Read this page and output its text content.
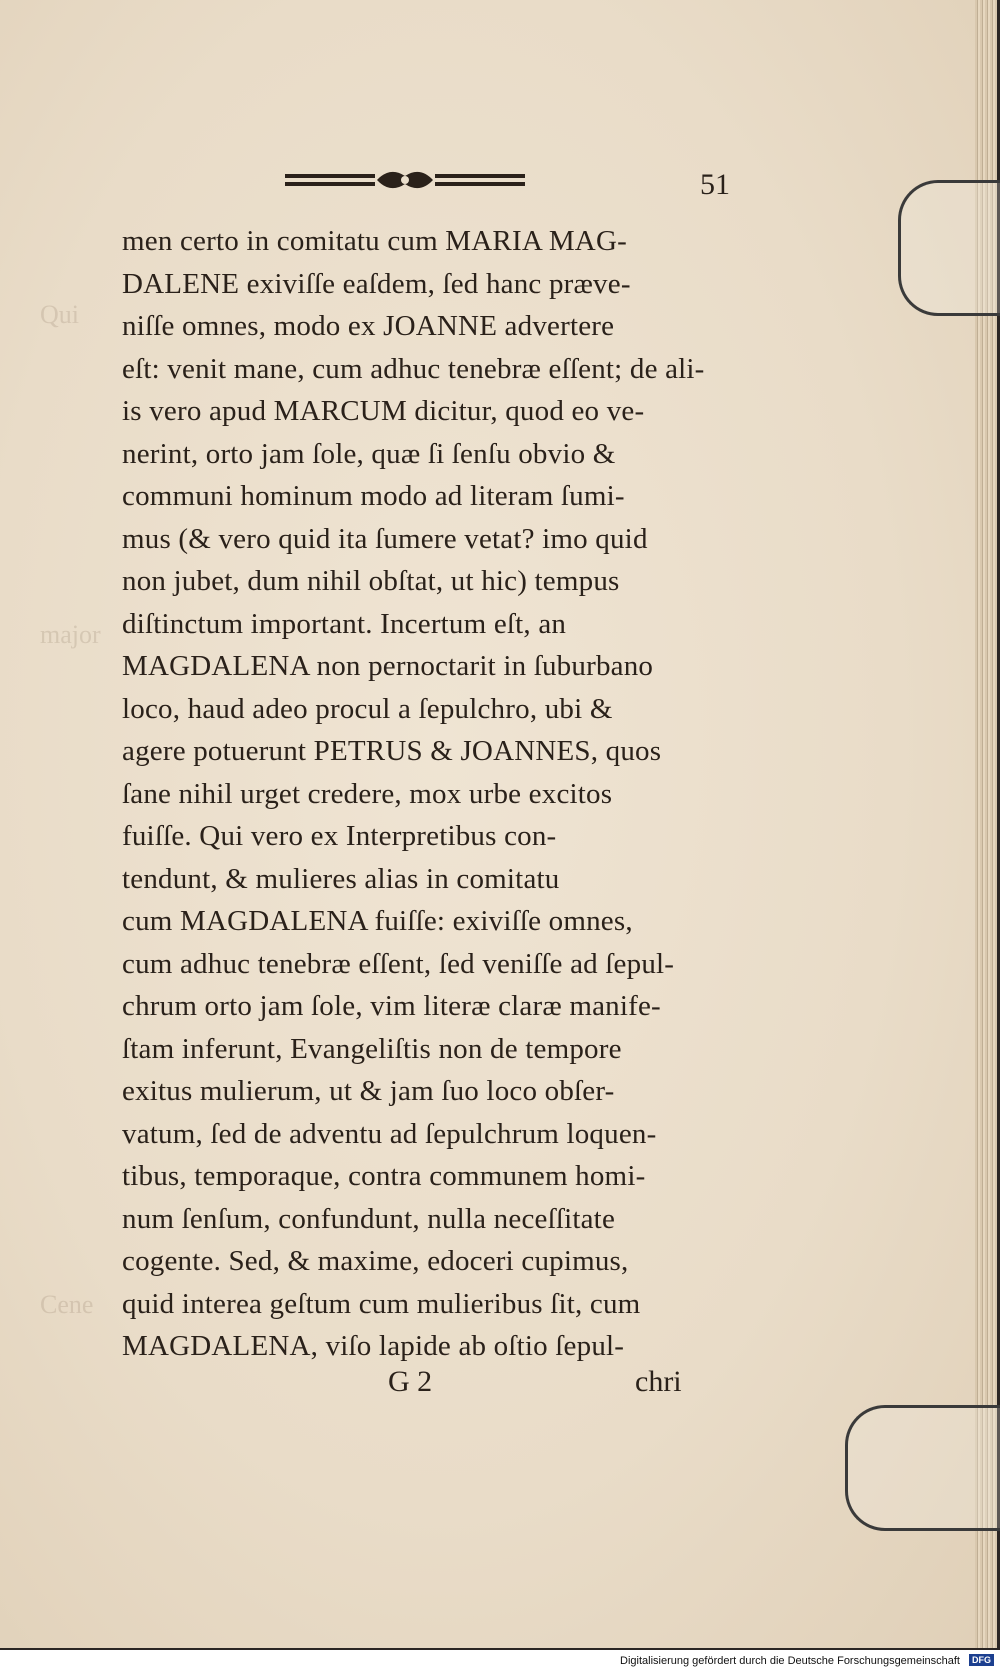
Qui
major
Cene
51
men certo in comitatu cum MARIA MAG-
DALENE exiviſſe eaſdem, ſed hanc præve-
niſſe omnes, modo ex JOANNE advertere
eſt: venit mane, cum adhuc tenebræ eſſent; de ali-
is vero apud MARCUM dicitur, quod eo ve-
nerint, orto jam ſole, quæ ſi ſenſu obvio &
communi hominum modo ad literam ſumi-
mus (& vero quid ita ſumere vetat? imo quid
non jubet, dum nihil obſtat, ut hic) tempus
diſtinctum important. Incertum eſt, an
MAGDALENA non pernoctarit in ſuburbano
loco, haud adeo procul a ſepulchro, ubi &
agere potuerunt PETRUS & JOANNES, quos
ſane nihil urget credere, mox urbe excitos
fuiſſe. Qui vero ex Interpretibus con-
tendunt, & mulieres alias in comitatu
cum MAGDALENA fuiſſe: exiviſſe omnes,
cum adhuc tenebræ eſſent, ſed veniſſe ad ſepul-
chrum orto jam ſole, vim literæ claræ manife-
ſtam inferunt, Evangeliſtis non de tempore
exitus mulierum, ut & jam ſuo loco obſer-
vatum, ſed de adventu ad ſepulchrum loquen-
tibus, temporaque, contra communem homi-
num ſenſum, confundunt, nulla neceſſitate
cogente. Sed, & maxime, edoceri cupimus,
quid interea geſtum cum mulieribus ſit, cum
MAGDALENA, viſo lapide ab oſtio ſepul-
G 2	chri
Digitalisierung gefördert durch die Deutsche Forschungsgemeinschaft	DFG
